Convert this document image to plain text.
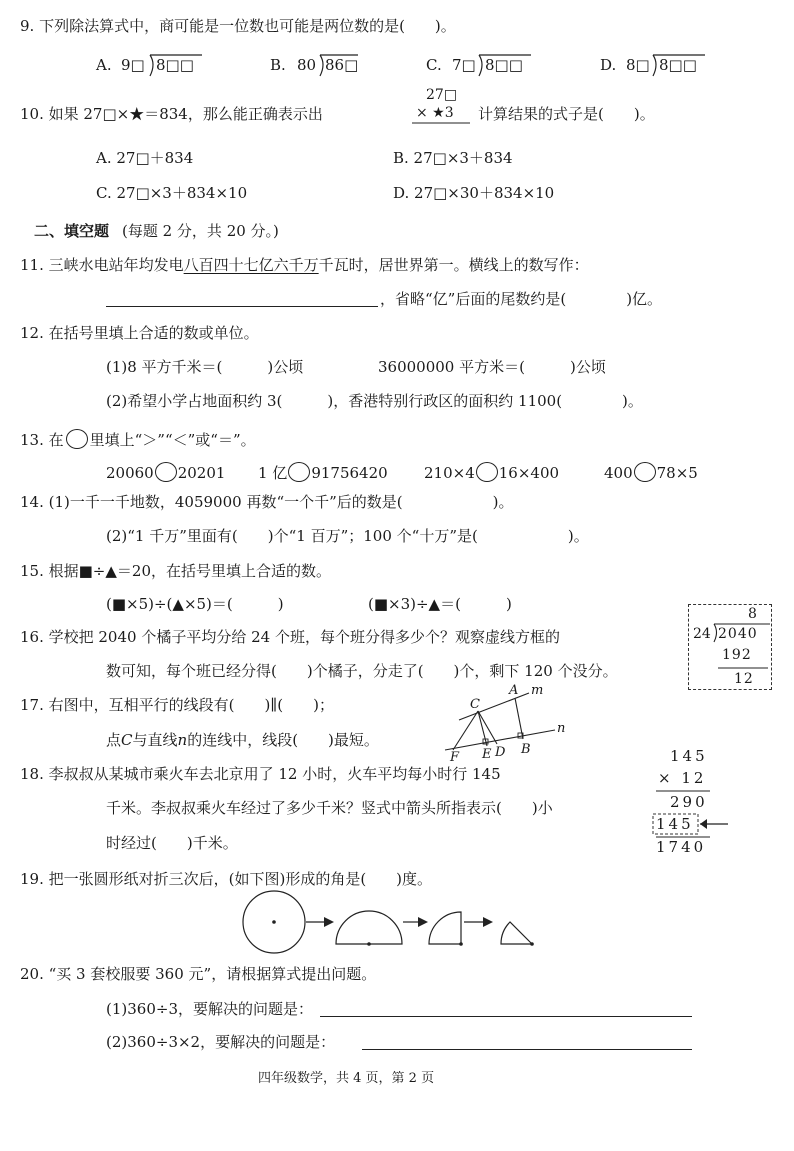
9. 下列除法算式中，商可能是一位数也可能是两位数的是(　　)。
A.	B.	C.	D.
9□ 8□□	80 86□	7□ 8□□	8□ 8□□
10. 如果 27□×★＝834，那么能正确表示出
27□
× ★3 计算结果的式子是(　　)。
A. 27□＋834	B. 27□×3＋834
C. 27□×3＋834×10	D. 27□×30＋834×10
二、填空题 (每题 2 分，共 20 分。)
11. 三峡水电站年均发电八百四十七亿六千万千瓦时，居世界第一。横线上的数写作：
，省略“亿”后面的尾数约是(　　　　)亿。
12. 在括号里填上合适的数或单位。
(1)8 平方千米＝(　　　)公顷	36000000 平方米＝(　　　)公顷
(2)希望小学占地面积约 3(　　　)，香港特别行政区的面积约 1100(　　　　)。
13. 在 里填上“＞”“＜”或“＝”。
20060 20201 1 亿 91756420 210×4 16×400	400 78×5
14. (1)一千一千地数，4059000 再数“一个千”后的数是(　　　　　　)。
(2)“1 千万”里面有(　　)个“1 百万”；100 个“十万”是(　　　　　　)。
15. 根据■÷▲＝20，在括号里填上合适的数。
(■×5)÷(▲×5)＝(　　　)	(■×3)÷▲＝(　　　)
16. 学校把 2040 个橘子平均分给 24 个班，每个班分得多少个？观察虚线方框的
数可知，每个班已经分得(　　)个橘子，分走了(　　)个，剩下 120 个没分。
8
24 2040
192
12
17. 右图中，互相平行的线段有(　　)∥(　　)；
点C与直线n的连线中，线段(　　)最短。
C
A m
n
F E D B
18. 李叔叔从某城市乘火车去北京用了 12 小时，火车平均每小时行 145
千米。李叔叔乘火车经过了多少千米？竖式中箭头所指表示(　　)小
时经过(　　)千米。
145
× 12
290
145
1740
19. 把一张圆形纸对折三次后，(如下图)形成的角是(　　)度。
20. “买 3 套校服要 360 元”，请根据算式提出问题。
(1)360÷3，要解决的问题是：
(2)360÷3×2，要解决的问题是：
四年级数学，共 4 页，第 2 页
